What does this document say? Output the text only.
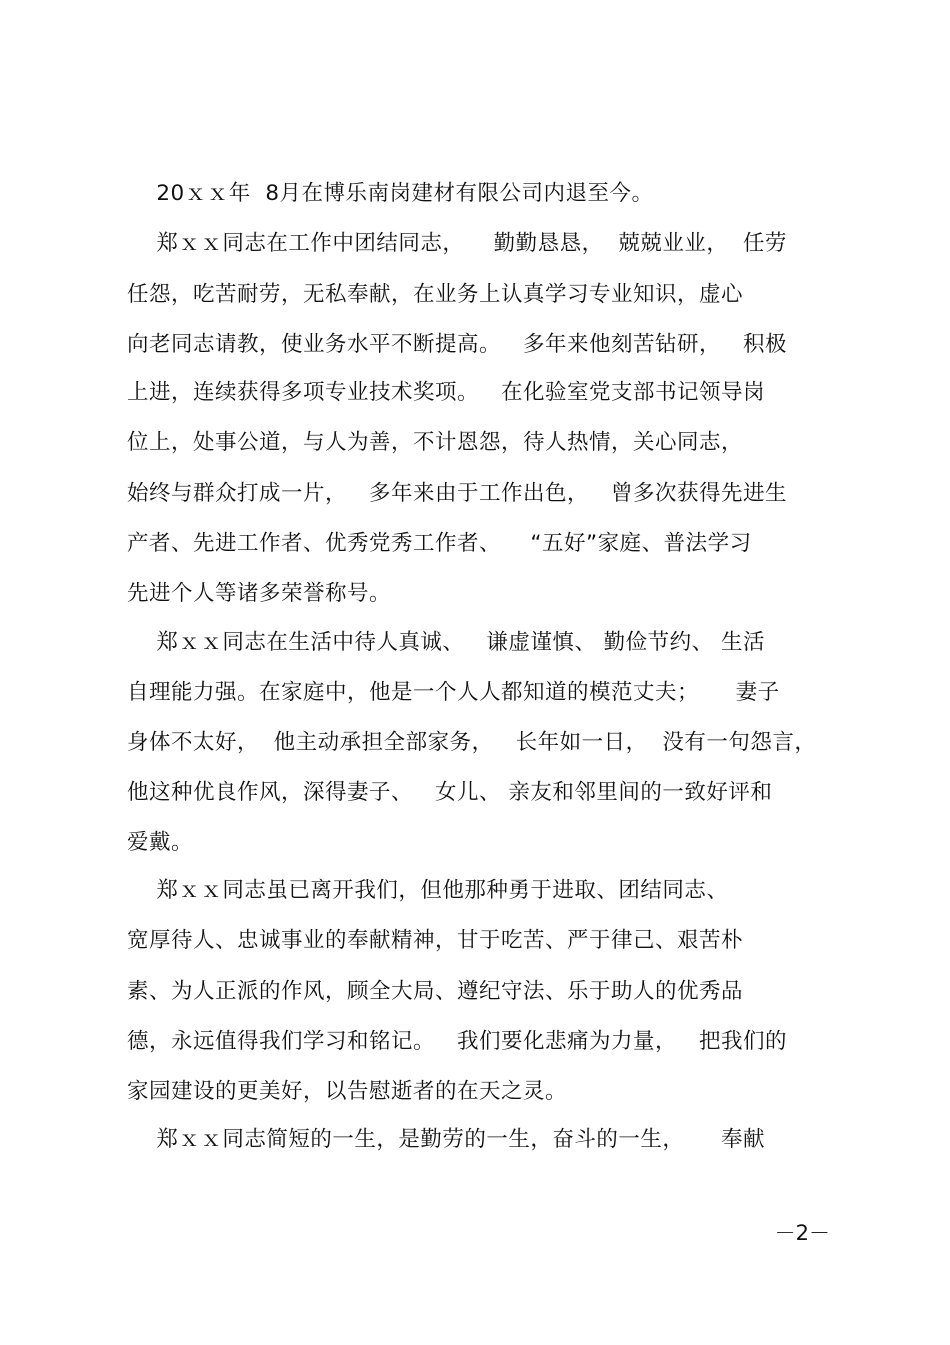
20ｘｘ年  8月在博乐南岗建材有限公司内退至今。
郑ｘｘ同志在工作中团结同志，    勤勤恳恳，  兢兢业业，  任劳
任怨，吃苦耐劳，无私奉献，在业务上认真学习专业知识，虚心
向老同志请教，使业务水平不断提高。   多年来他刻苦钻研，   积极
上进，连续获得多项专业技术奖项。   在化验室党支部书记领导岗
位上，处事公道，与人为善，不计恩怨，待人热情，关心同志，
始终与群众打成一片，   多年来由于工作出色，   曾多次获得先进生
产者、先进工作者、优秀党秀工作者、    “五好”家庭、普法学习
先进个人等诸多荣誉称号。
郑ｘｘ同志在生活中待人真诚、   谦虚谨慎、 勤俭节约、 生活
自理能力强。在家庭中，他是一个人人都知道的模范丈夫；     妻子
身体不太好，  他主动承担全部家务，   长年如一日，  没有一句怨言，
他这种优良作风，深得妻子、   女儿、 亲友和邻里间的一致好评和
爱戴。
郑ｘｘ同志虽已离开我们，但他那种勇于进取、团结同志、
宽厚待人、忠诚事业的奉献精神，甘于吃苦、严于律己、艰苦朴
素、为人正派的作风，顾全大局、遵纪守法、乐于助人的优秀品
德，永远值得我们学习和铭记。   我们要化悲痛为力量，   把我们的
家园建设的更美好，以告慰逝者的在天之灵。
郑ｘｘ同志简短的一生，是勤劳的一生，奋斗的一生，     奉献
－2－
